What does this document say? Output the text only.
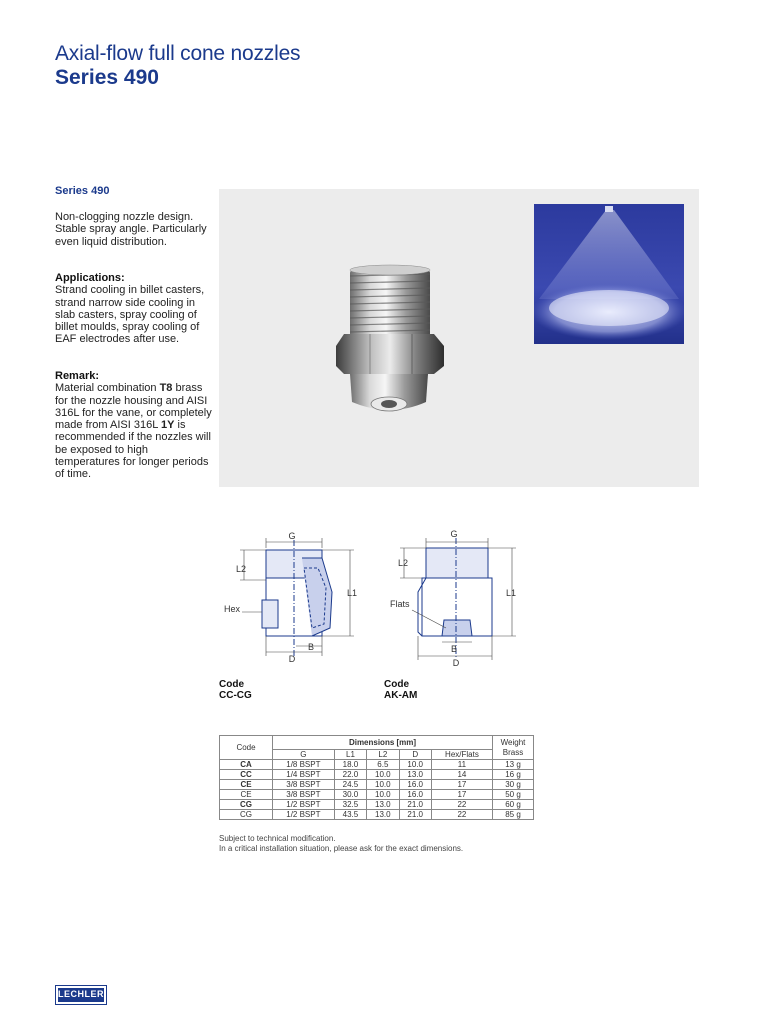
Axial-flow full cone nozzles
Series 490
Series 490
Non-clogging nozzle design. Stable spray angle. Particularly even liquid distribution.
Applications:
Strand cooling in billet casters, strand narrow side cooling in slab casters, spray cooling of billet moulds, spray cooling of EAF electrodes after use.
Remark:
Material combination T8 brass for the nozzle housing and AISI 316L for the vane, or completely made from AISI 316L 1Y is recommended if the nozzles will be exposed to high temperatures for longer periods of time.
G
L2
L1
Hex
B
D
G
L2
L1
Flats
B
D
Code
CC-CG
Code
AK-AM
Code	Dimensions [mm]					Weight Brass
	G	L1	L2	D	Hex/Flats	
CA	1/8 BSPT	18.0	6.5	10.0	11	13 g
CC	1/4 BSPT	22.0	10.0	13.0	14	16 g
CE	3/8 BSPT	24.5	10.0	16.0	17	30 g
CE	3/8 BSPT	30.0	10.0	16.0	17	50 g
CG	1/2 BSPT	32.5	13.0	21.0	22	60 g
CG	1/2 BSPT	43.5	13.0	21.0	22	85 g
Subject to technical modification.
In a critical installation situation, please ask for the exact dimensions.
LECHLER
